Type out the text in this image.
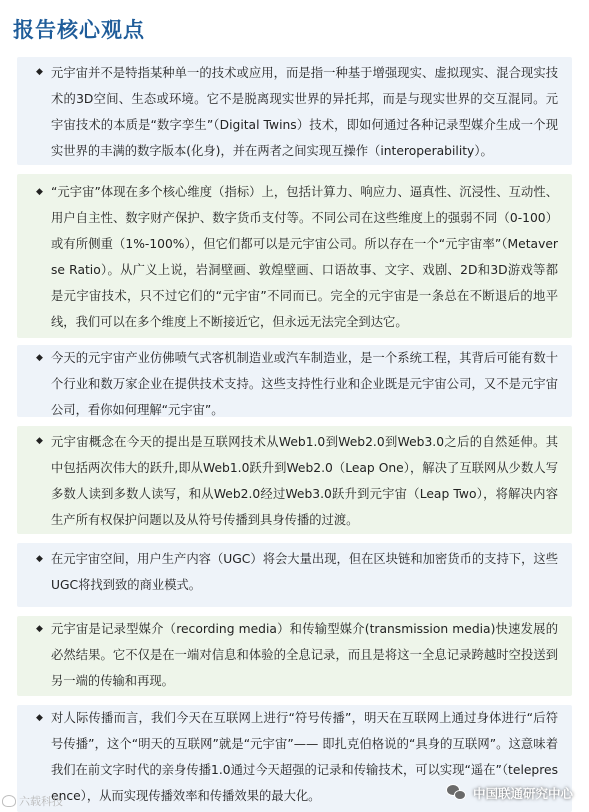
报告核心观点
◆ 元宇宙并不是特指某种单一的技术或应用，而是指一种基于增强现实、虚拟现实、混合现实技术的3D空间、生态或环境。它不是脱离现实世界的异托邦，而是与现实世界的交互混同。元宇宙技术的本质是“数字孪生”（Digital Twins）技术，即如何通过各种记录型媒介生成一个现实世界的丰满的数字版本(化身)，并在两者之间实现互操作（interoperability）。

◆ “元宇宙”体现在多个核心维度（指标）上，包括计算力、响应力、逼真性、沉浸性、互动性、用户自主性、数字财产保护、数字货币支付等。不同公司在这些维度上的强弱不同（0-100）或有所侧重（1%-100%），但它们都可以是元宇宙公司。所以存在一个“元宇宙率”（Metaverse Ratio）。从广义上说，岩洞壁画、敦煌壁画、口语故事、文字、戏剧、2D和3D游戏等都是元宇宙技术，只不过它们的“元宇宙”不同而已。完全的元宇宙是一条总在不断退后的地平线，我们可以在多个维度上不断接近它，但永远无法完全到达它。

◆ 今天的元宇宙产业仿佛喷气式客机制造业或汽车制造业，是一个系统工程，其背后可能有数十个行业和数万家企业在提供技术支持。这些支持性行业和企业既是元宇宙公司，又不是元宇宙公司，看你如何理解“元宇宙”。

◆ 元宇宙概念在今天的提出是互联网技术从Web1.0到Web2.0到Web3.0之后的自然延伸。其中包括两次伟大的跃升,即从Web1.0跃升到Web2.0（Leap One），解决了互联网从少数人写多数人读到多数人读写，和从Web2.0经过Web3.0跃升到元宇宙（Leap Two），将解决内容生产所有权保护问题以及从符号传播到具身传播的过渡。

◆ 在元宇宙空间，用户生产内容（UGC）将会大量出现，但在区块链和加密货币的支持下，这些UGC将找到致的商业模式。

◆ 元宇宙是记录型媒介（recording media）和传输型媒介(transmission media)快速发展的必然结果。它不仅是在一端对信息和体验的全息记录，而且是将这一全息记录跨越时空投送到另一端的传输和再现。

◆ 对人际传播而言，我们今天在互联网上进行“符号传播”，明天在互联网上通过身体进行“后符号传播”，这个“明天的互联网”就是“元宇宙”—— 即扎克伯格说的“具身的互联网”。这意味着我们在前文字时代的亲身传播1.0通过今天超强的记录和传输技术，可以实现“遥在”（telepresence），从而实现传播效率和传播效果的最大化。

六载科技
中国联通研究中心
